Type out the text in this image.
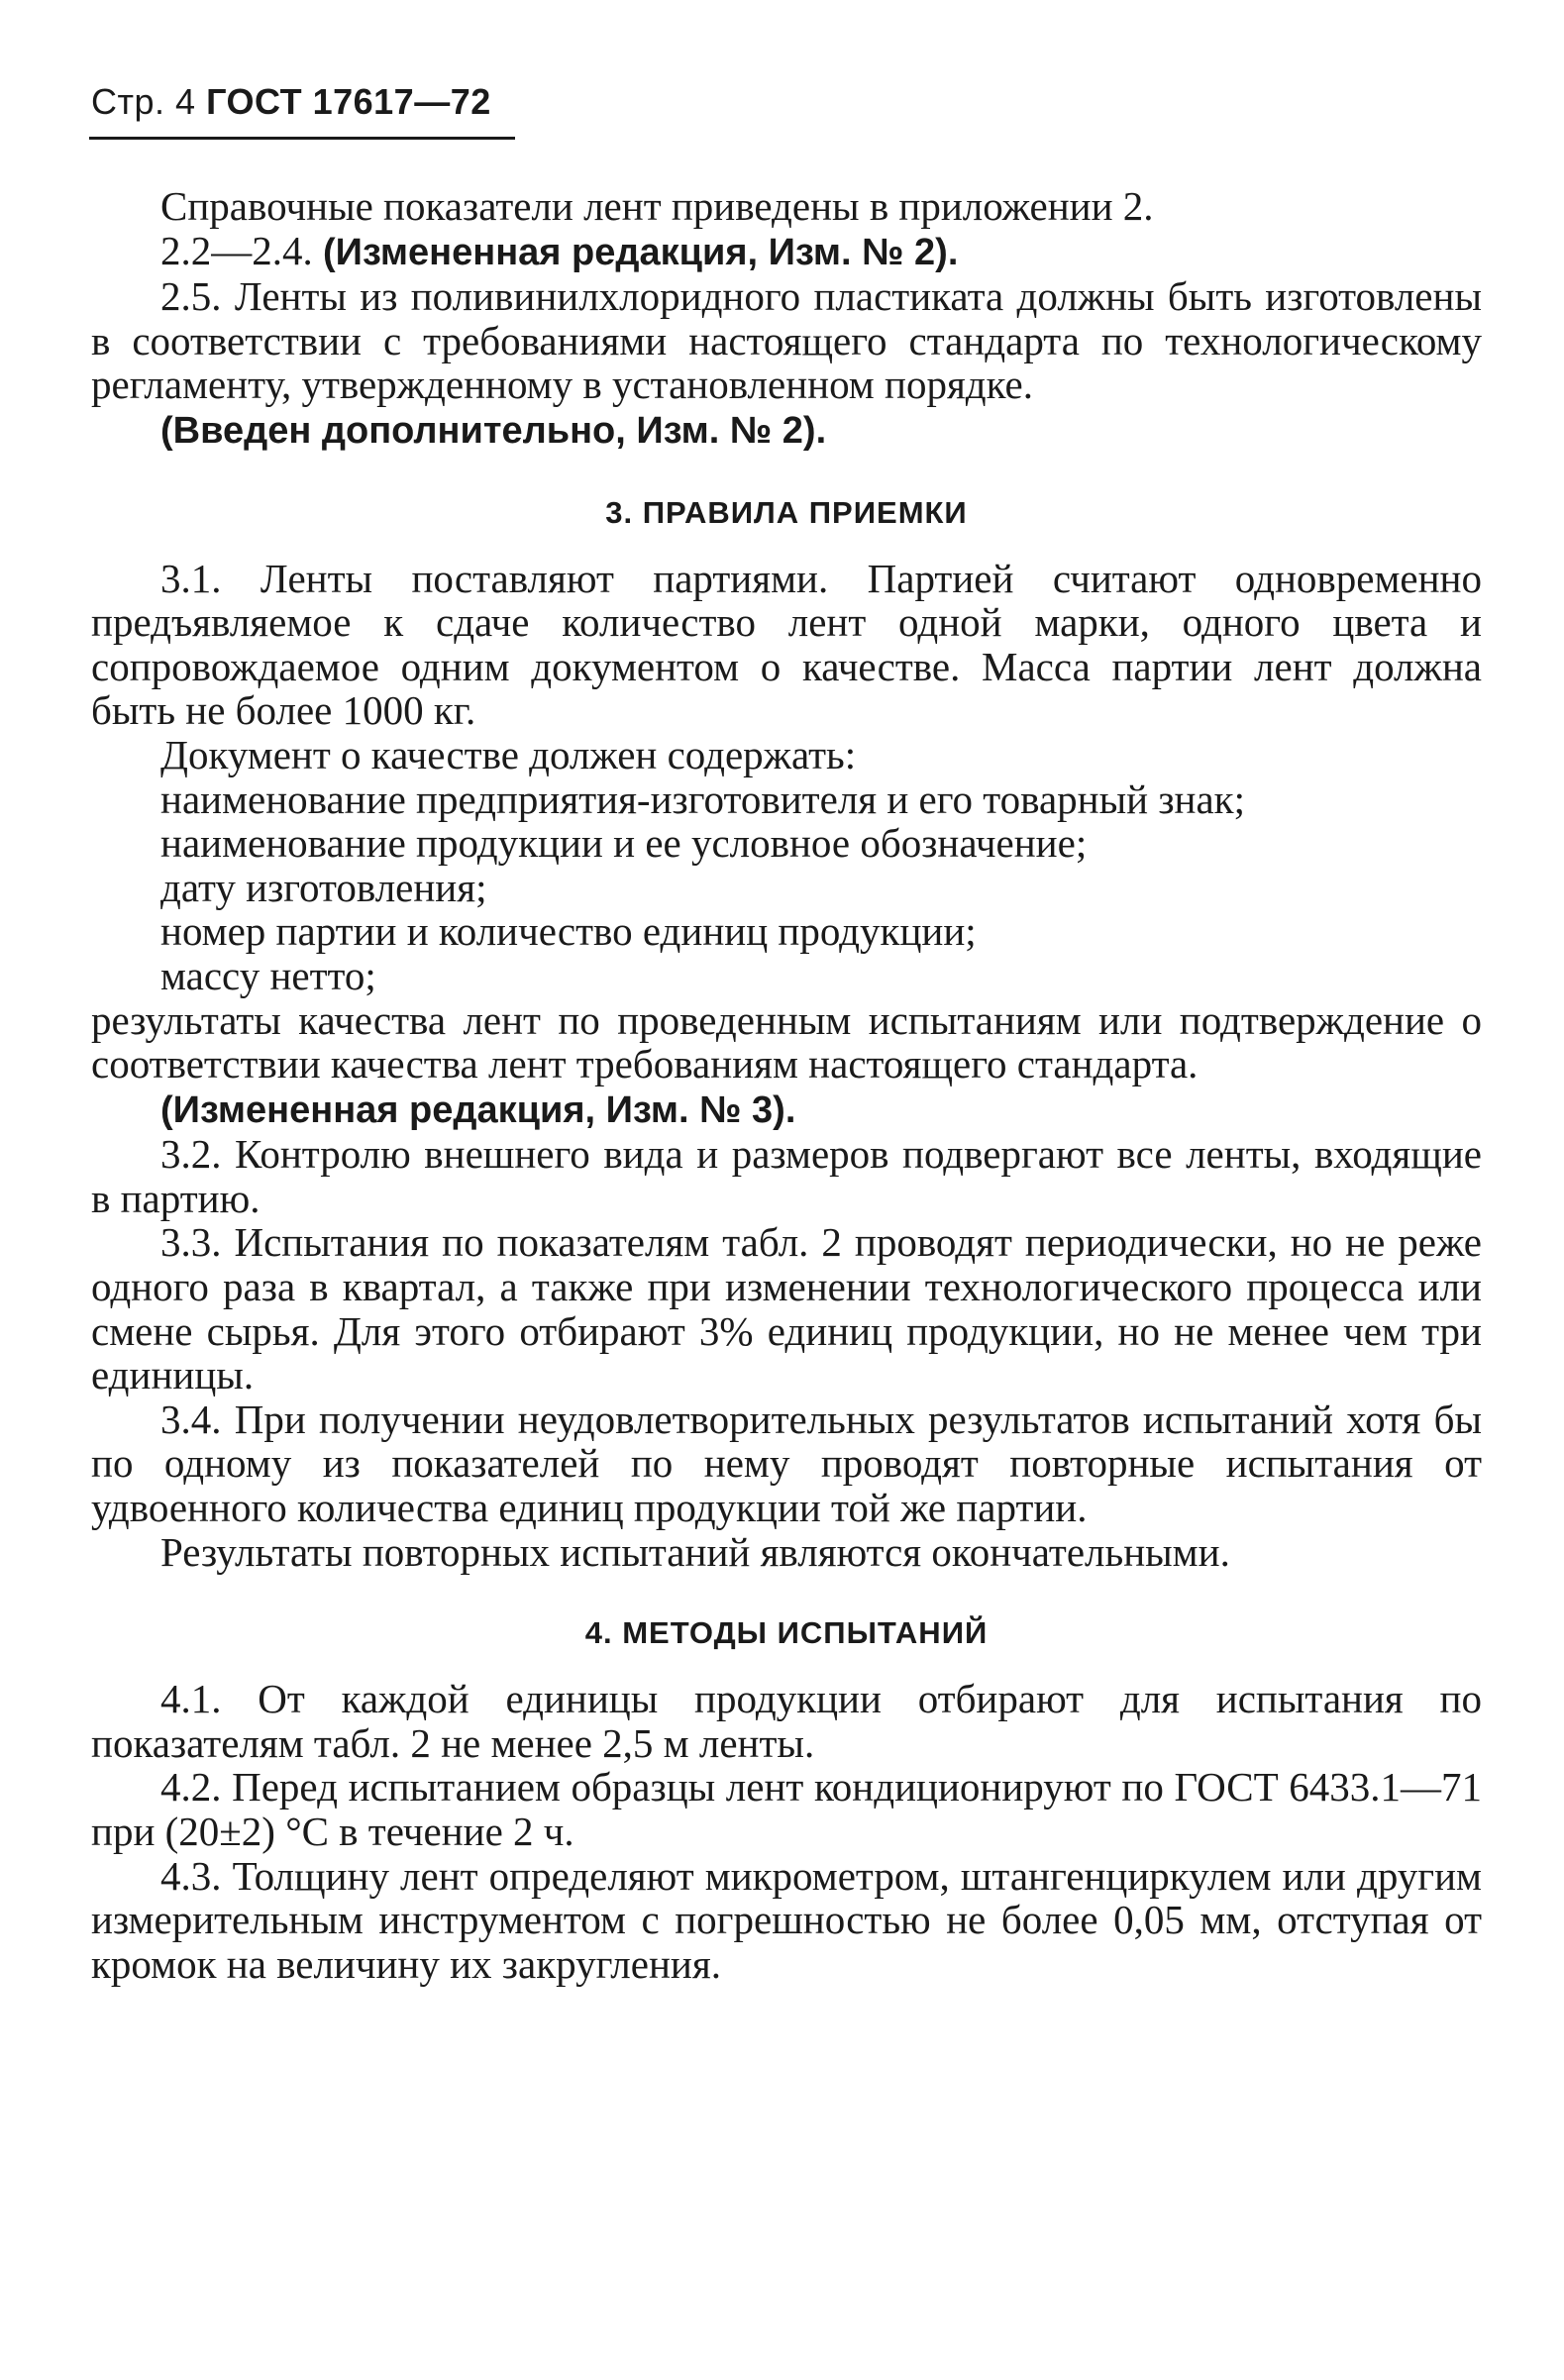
Стр. 4 ГОСТ 17617—72

Справочные показатели лент приведены в приложении 2.

2.2—2.4. (Измененная редакция, Изм. № 2).

2.5. Ленты из поливинилхлоридного пластиката должны быть изготовлены в соответствии с требованиями настоящего стандарта по технологическому регламенту, утвержденному в установленном порядке.

(Введен дополнительно, Изм. № 2).

3. ПРАВИЛА ПРИЕМКИ

3.1. Ленты поставляют партиями. Партией считают одновременно предъявляемое к сдаче количество лент одной марки, одного цвета и сопровождаемое одним документом о качестве. Масса партии лент должна быть не более 1000 кг.

Документ о качестве должен содержать:

наименование предприятия-изготовителя и его товарный знак;

наименование продукции и ее условное обозначение;

дату изготовления;

номер партии и количество единиц продукции;

массу нетто;

результаты качества лент по проведенным испытаниям или подтверждение о соответствии качества лент требованиям настоящего стандарта.

(Измененная редакция, Изм. № 3).

3.2. Контролю внешнего вида и размеров подвергают все ленты, входящие в партию.

3.3. Испытания по показателям табл. 2 проводят периодически, но не реже одного раза в квартал, а также при изменении технологического процесса или смене сырья. Для этого отбирают 3% единиц продукции, но не менее чем три единицы.

3.4. При получении неудовлетворительных результатов испытаний хотя бы по одному из показателей по нему проводят повторные испытания от удвоенного количества единиц продукции той же партии.

Результаты повторных испытаний являются окончательными.

4. МЕТОДЫ ИСПЫТАНИЙ

4.1. От каждой единицы продукции отбирают для испытания по показателям табл. 2 не менее 2,5 м ленты.

4.2. Перед испытанием образцы лент кондиционируют по ГОСТ 6433.1—71 при (20±2) °С в течение 2 ч.

4.3. Толщину лент определяют микрометром, штангенциркулем или другим измерительным инструментом с погрешностью не более 0,05 мм, отступая от кромок на величину их закругления.
